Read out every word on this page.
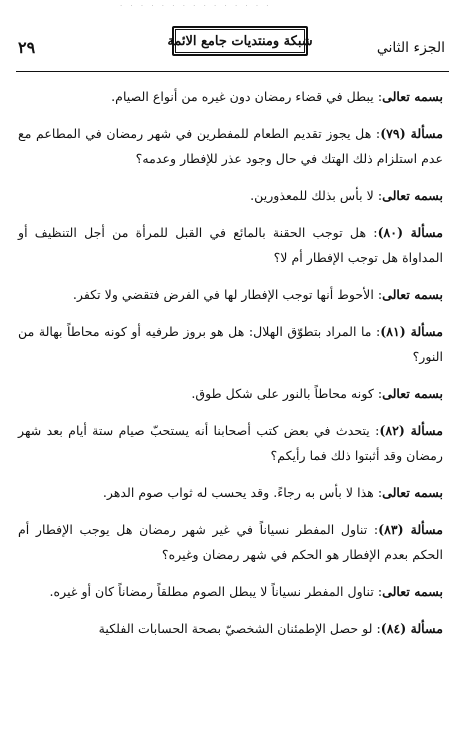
· · · · · · · · · · · · · · ·
٢٩	شبكة ومنتديات جامع الائمة	الجزء الثاني

بسمه تعالى: يبطل في قضاء رمضان دون غيره من أنواع الصيام.

مسألة (٧٩): هل يجوز تقديم الطعام للمفطرين في شهر رمضان في المطاعم مع عدم استلزام ذلك الهتك في حال وجود عذر للإفطار وعدمه؟

بسمه تعالى: لا بأس بذلك للمعذورين.

مسألة (٨٠): هل توجب الحقنة بالمائع في القبل للمرأة من أجل التنظيف أو المداواة هل توجب الإفطار أم لا؟

بسمه تعالى: الأحوط أنها توجب الإفطار لها في الفرض فتقضي ولا تكفر.

مسألة (٨١): ما المراد بتطوّق الهلال: هل هو بروز طرفيه أو كونه محاطاً بهالة من النور؟

بسمه تعالى: كونه محاطاً بالنور على شكل طوق.

مسألة (٨٢): يتحدث في بعض كتب أصحابنا أنه يستحبّ صيام ستة أيام بعد شهر رمضان وقد أثبتوا ذلك فما رأيكم؟

بسمه تعالى: هذا لا بأس به رجاءً. وقد يحسب له ثواب صوم الدهر.

مسألة (٨٣): تناول المفطر نسياناً في غير شهر رمضان هل يوجب الإفطار أم الحكم بعدم الإفطار هو الحكم في شهر رمضان وغيره؟

بسمه تعالى: تناول المفطر نسياناً لا يبطل الصوم مطلقاً رمضاناً كان أو غيره.

مسألة (٨٤): لو حصل الإطمئنان الشخصيّ بصحة الحسابات الفلكية
